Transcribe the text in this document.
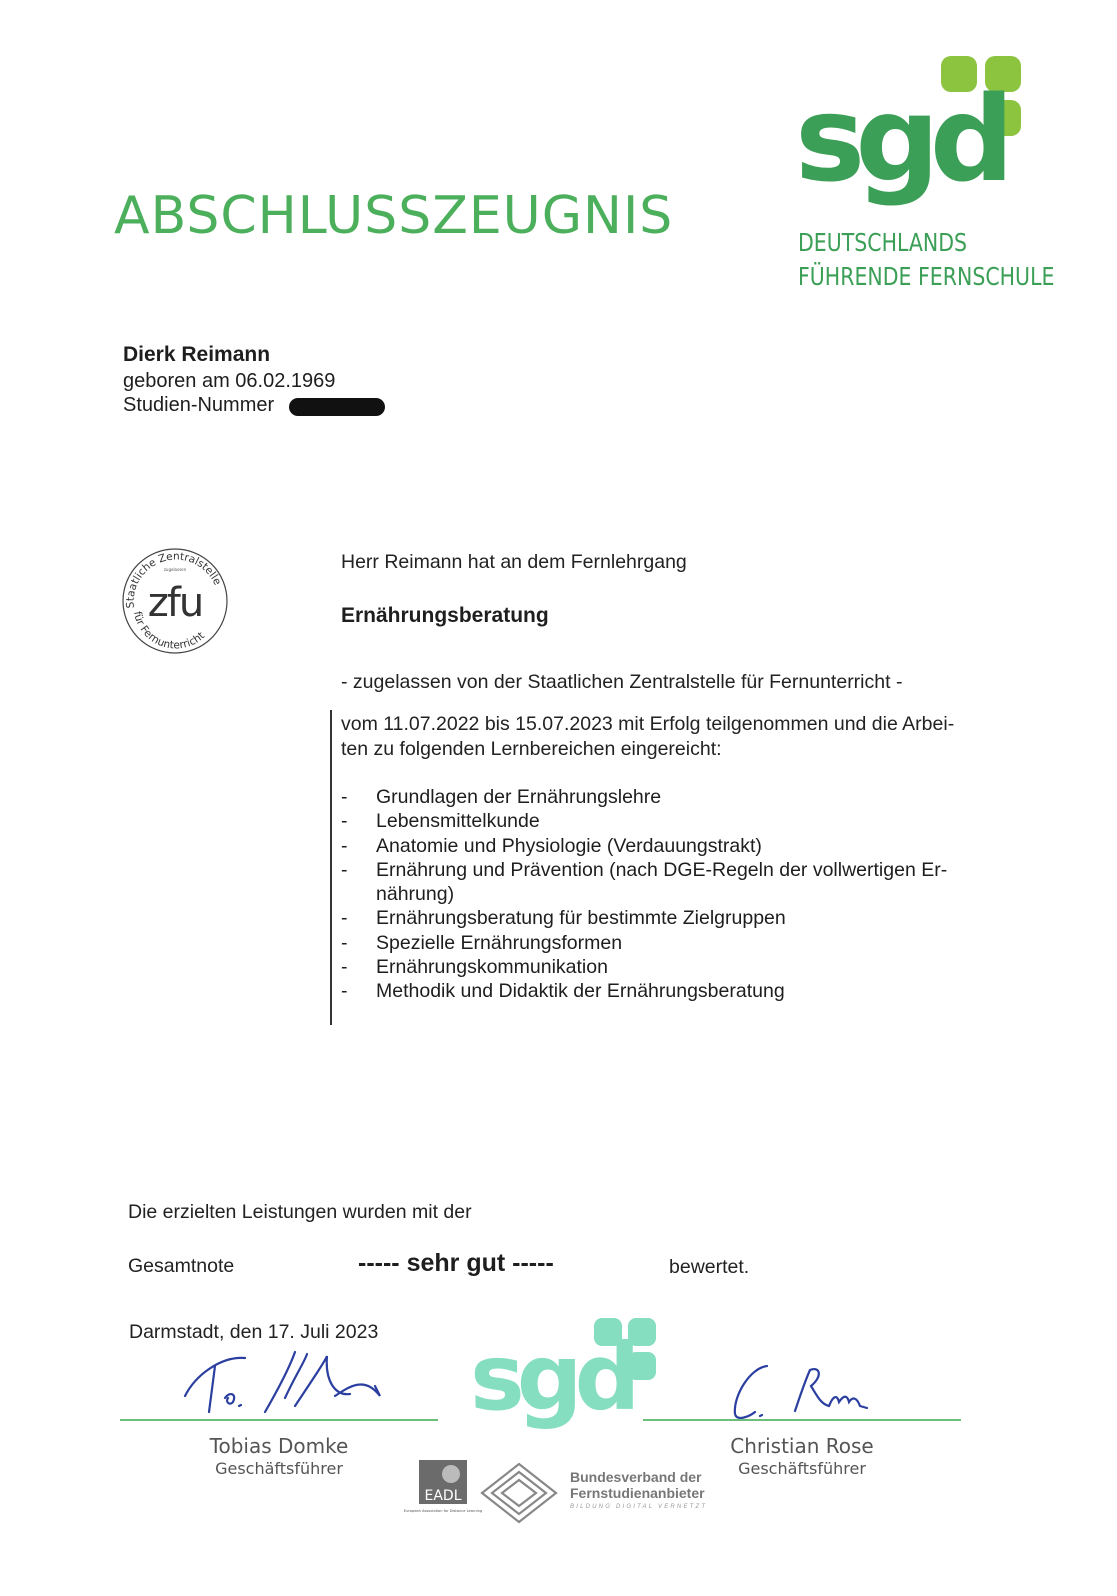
ABSCHLUSSZEUGNIS
sgd
DEUTSCHLANDS
FÜHRENDE FERNSCHULE
Dierk Reimann
geboren am 06.02.1969
Studien-Nummer
Staatliche Zentralstelle
zugelassen
zfu
für Fernunterricht
Herr Reimann hat an dem Fernlehrgang
Ernährungsberatung
- zugelassen von der Staatlichen Zentralstelle für Fernunterricht -
vom 11.07.2022 bis 15.07.2023 mit Erfolg teilgenommen und die Arbei-
ten zu folgenden Lernbereichen eingereicht:
- Grundlagen der Ernährungslehre
- Lebensmittelkunde
- Anatomie und Physiologie (Verdauungstrakt)
- Ernährung und Prävention (nach DGE-Regeln der vollwertigen Er-
nährung)
- Ernährungsberatung für bestimmte Zielgruppen
- Spezielle Ernährungsformen
- Ernährungskommunikation
- Methodik und Didaktik der Ernährungsberatung
Die erzielten Leistungen wurden mit der
Gesamtnote	----- sehr gut -----	bewertet.
Darmstadt, den 17. Juli 2023 sgd
Tobias Domke
Geschäftsführer
Christian Rose
Geschäftsführer
EADL
European Association for Distance Learning
Bundesverband der
Fernstudienanbieter
BILDUNG DIGITAL VERNETZT
